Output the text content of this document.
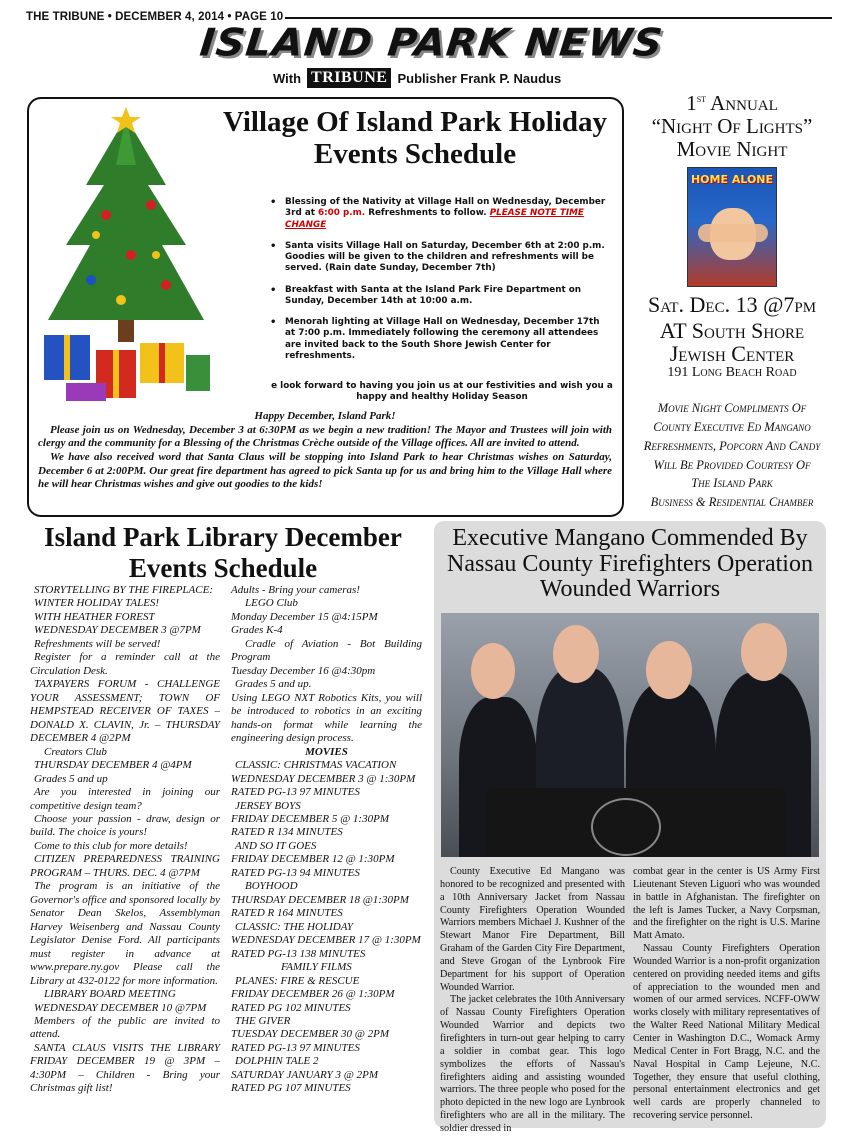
THE TRIBUNE • DECEMBER 4, 2014 • PAGE 10
ISLAND PARK NEWS
With TRIBUNE Publisher Frank P. Naudus
Village Of Island Park Holiday Events Schedule
• Blessing of the Nativity at Village Hall on Wednesday, December 3rd at 6:00 p.m. Refreshments to follow. PLEASE NOTE TIME CHANGE
• Santa visits Village Hall on Saturday, December 6th at 2:00 p.m. Goodies will be given to the children and refreshments will be served. (Rain date Sunday, December 7th)
• Breakfast with Santa at the Island Park Fire Department on Sunday, December 14th at 10:00 a.m.
• Menorah lighting at Village Hall on Wednesday, December 17th at 7:00 p.m. Immediately following the ceremony all attendees are invited back to the South Shore Jewish Center for refreshments.
e look forward to having you join us at our festivities and wish you a happy and healthy Holiday Season

Happy December, Island Park!

Please join us on Wednesday, December 3 at 6:30PM as we begin a new tradition! The Mayor and Trustees will join with clergy and the community for a Blessing of the Christmas Crèche outside of the Village offices. All are invited to attend.

We have also received word that Santa Claus will be stopping into Island Park to hear Christmas wishes on Saturday, December 6 at 2:00PM. Our great fire department has agreed to pick Santa up for us and bring him to the Village Hall where he will hear Christmas wishes and give out goodies to the kids!

1st Annual
“Night Of Lights”
Movie Night
HOME ALONE
Sat. Dec. 13 @7pm
AT South Shore
Jewish Center
191 Long Beach Road
Movie Night Compliments Of
County Executive Ed Mangano
Refreshments, Popcorn And Candy
Will Be Provided Courtesy Of
The Island Park
Business & Residential Chamber
Island Park Library December Events Schedule

STORYTELLING BY THE FIREPLACE:

WINTER HOLIDAY TALES!

WITH HEATHER FOREST

WEDNESDAY DECEMBER 3 @7PM

Refreshments will be served!

Register for a reminder call at the Circulation Desk.

TAXPAYERS FORUM - CHALLENGE YOUR ASSESSMENT; TOWN OF HEMPSTEAD RECEIVER OF TAXES – DONALD X. CLAVIN, Jr. – THURSDAY DECEMBER 4 @2PM

Creators Club

THURSDAY DECEMBER 4 @4PM

Grades 5 and up

Are you interested in joining our competitive design team?

Choose your passion - draw, design or build. The choice is yours!

Come to this club for more details!

CITIZEN PREPAREDNESS TRAINING PROGRAM – THURS. DEC. 4 @7PM

The program is an initiative of the Governor's office and sponsored locally by Senator Dean Skelos, Assemblyman Harvey Weisenberg and Nassau County Legislator Denise Ford. All participants must register in advance at www.prepare.ny.gov Please call the Library at 432-0122 for more information.

LIBRARY BOARD MEETING

WEDNESDAY DECEMBER 10 @7PM

Members of the public are invited to attend.

SANTA CLAUS VISITS THE LIBRARY FRIDAY DECEMBER 19 @ 3PM – 4:30PM – Children - Bring your Christmas gift list!

Adults - Bring your cameras!

LEGO Club

Monday December 15 @4:15PM

Grades K-4

Cradle of Aviation - Bot Building Program

Tuesday December 16 @4:30pm

Grades 5 and up.

Using LEGO NXT Robotics Kits, you will be introduced to robotics in an exciting hands-on format while learning the engineering design process.

MOVIES

CLASSIC: CHRISTMAS VACATION

WEDNESDAY DECEMBER 3 @ 1:30PM

RATED PG-13 97 MINUTES

JERSEY BOYS

FRIDAY DECEMBER 5 @ 1:30PM

RATED R 134 MINUTES

AND SO IT GOES

FRIDAY DECEMBER 12 @ 1:30PM

RATED PG-13 94 MINUTES

BOYHOOD

THURSDAY DECEMBER 18 @1:30PM

RATED R 164 MINUTES

CLASSIC: THE HOLIDAY

WEDNESDAY DECEMBER 17 @ 1:30PM

RATED PG-13 138 MINUTES

FAMILY FILMS

PLANES: FIRE & RESCUE

FRIDAY DECEMBER 26 @ 1:30PM

RATED PG 102 MINUTES

THE GIVER

TUESDAY DECEMBER 30 @ 2PM

RATED PG-13 97 MINUTES

DOLPHIN TALE 2

SATURDAY JANUARY 3 @ 2PM

RATED PG 107 MINUTES

Executive Mangano Commended By Nassau County Firefighters Operation Wounded Warriors

County Executive Ed Mangano was honored to be recognized and presented with a 10th Anniversary Jacket from Nassau County Firefighters Operation Wounded Warriors members Michael J. Kushner of the Stewart Manor Fire Department, Bill Graham of the Garden City Fire Department, and Steve Grogan of the Lynbrook Fire Department for his support of Operation Wounded Warrior.

The jacket celebrates the 10th Anniversary of Nassau County Firefighters Operation Wounded Warrior and depicts two firefighters in turn-out gear helping to carry a soldier in combat gear. This logo symbolizes the efforts of Nassau's firefighters aiding and assisting wounded warriors. The three people who posed for the photo depicted in the new logo are Lynbrook firefighters who are all in the military. The soldier dressed in

combat gear in the center is US Army First Lieutenant Steven Liguori who was wounded in battle in Afghanistan. The firefighter on the left is James Tucker, a Navy Corpsman, and the firefighter on the right is U.S. Marine Matt Amato.

Nassau County Firefighters Operation Wounded Warrior is a non-profit organization centered on providing needed items and gifts of appreciation to the wounded men and women of our armed services. NCFF-OWW works closely with military representatives of the Walter Reed National Military Medical Center in Washington D.C., Womack Army Medical Center in Fort Bragg, N.C. and the Naval Hospital in Camp Lejeune, N.C. Together, they ensure that useful clothing, personal entertainment electronics and get well cards are properly channeled to recovering service personnel.
